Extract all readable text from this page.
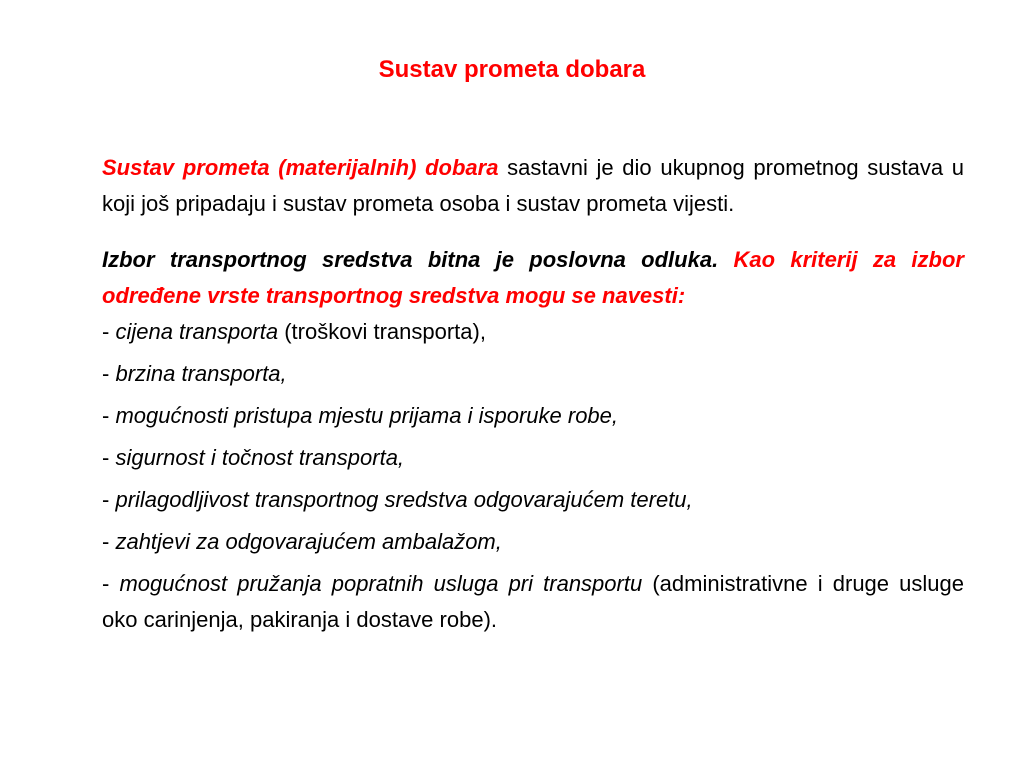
Sustav prometa dobara

Sustav prometa (materijalnih) dobara sastavni je dio ukupnog prometnog sustava u koji još pripadaju i sustav prometa osoba i sustav prometa vijesti.

Izbor transportnog sredstva bitna je poslovna odluka. Kao kriterij za izbor određene vrste transportnog sredstva mogu se navesti:

- cijena transporta (troškovi transporta),
- brzina transporta,
- mogućnosti pristupa mjestu prijama i isporuke robe,
- sigurnost i točnost transporta,
- prilagodljivost transportnog sredstva odgovarajućem teretu,
- zahtjevi za odgovarajućem ambalažom,
- mogućnost pružanja popratnih usluga pri transportu (administrativne i druge usluge oko carinjenja, pakiranja i dostave robe).
